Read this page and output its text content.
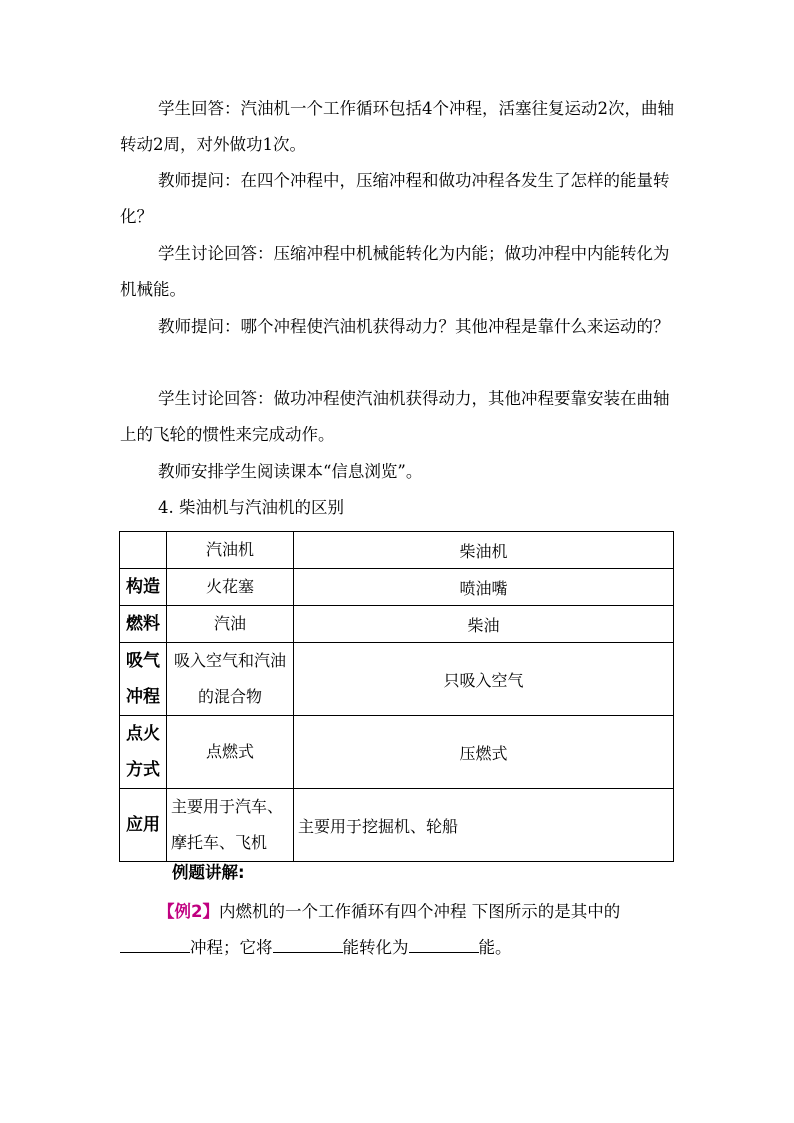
学生回答：汽油机一个工作循环包括4个冲程，活塞往复运动2次，曲轴转动2周，对外做功1次。

教师提问：在四个冲程中，压缩冲程和做功冲程各发生了怎样的能量转化？

学生讨论回答：压缩冲程中机械能转化为内能；做功冲程中内能转化为机械能。

教师提问：哪个冲程使汽油机获得动力？其他冲程是靠什么来运动的？

学生讨论回答：做功冲程使汽油机获得动力，其他冲程要靠安装在曲轴上的飞轮的惯性来完成动作。

教师安排学生阅读课本“信息浏览”。

4. 柴油机与汽油机的区别

	汽油机	柴油机
构造	火花塞	喷油嘴
燃料	汽油	柴油
吸气冲程	吸入空气和汽油的混合物	只吸入空气
点火方式	点燃式	压燃式
应用	主要用于汽车、摩托车、飞机	主要用于挖掘机、轮船
例题讲解:

【例2】内燃机的一个工作循环有四个冲程 下图所示的是其中的冲程；它将	能转化为	能。
